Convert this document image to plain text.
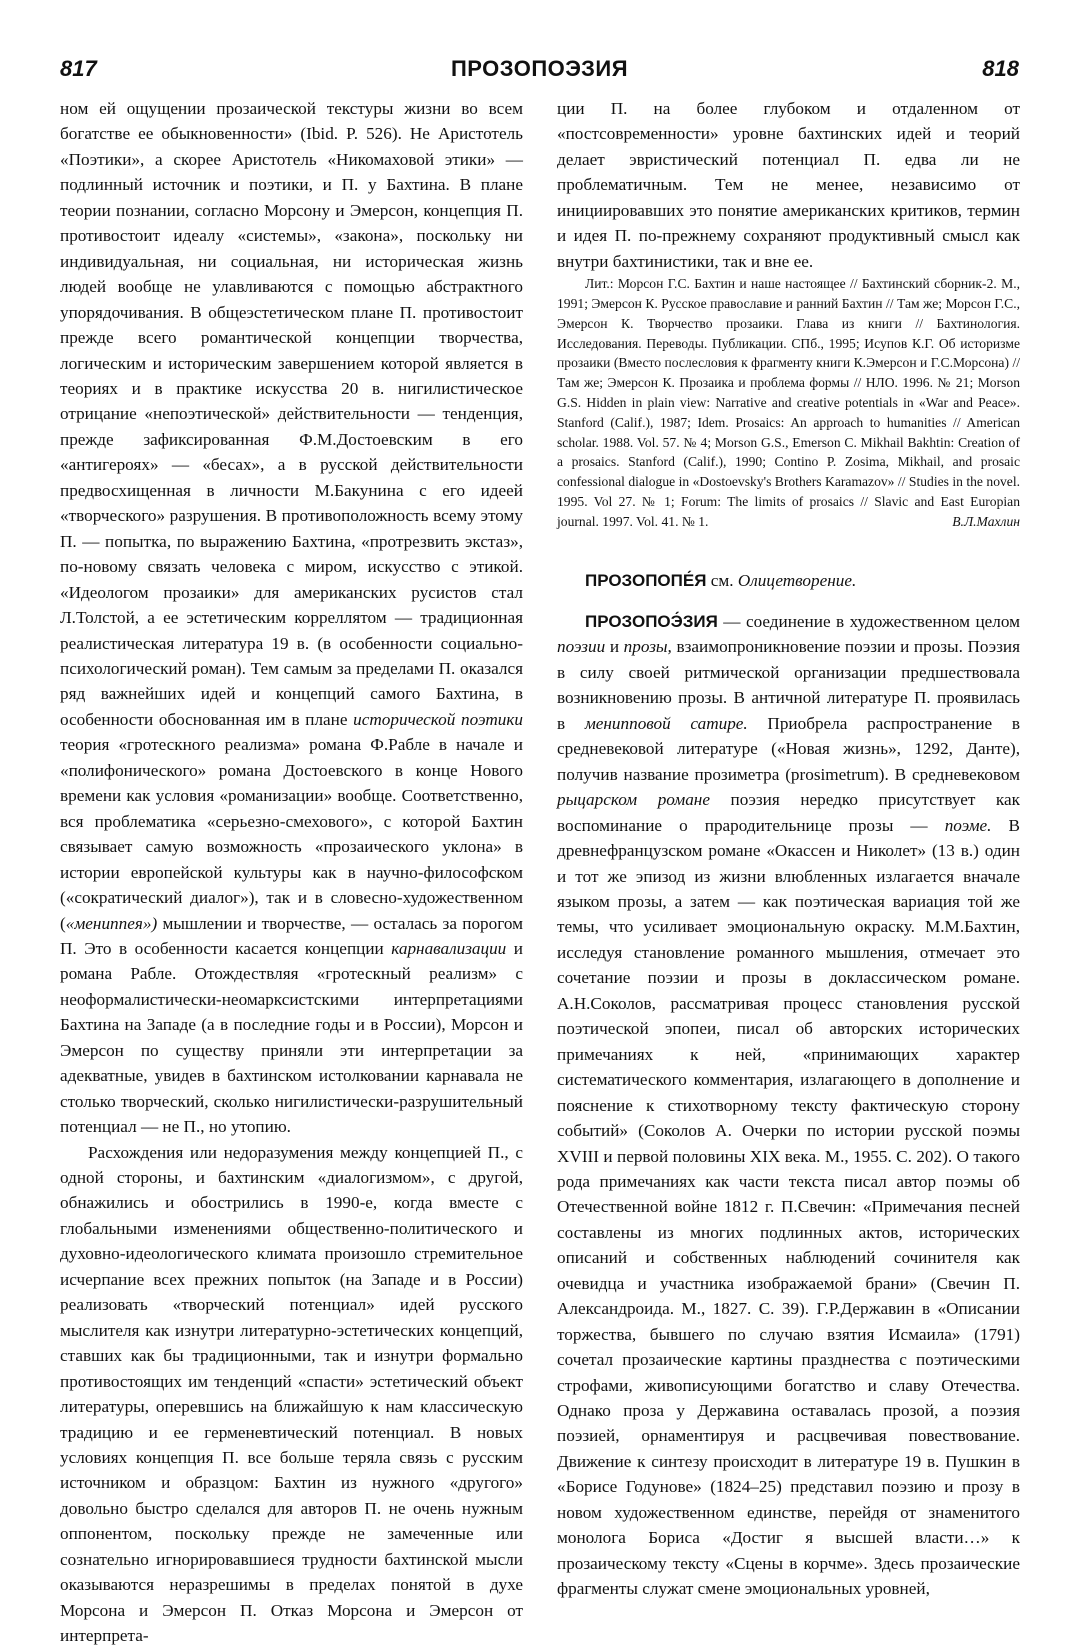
817	ПРОЗОПОЭЗИЯ	818

ном ей ощущении прозаической текстуры жизни во всем богатстве ее обыкновенности» (Ibid. P. 526). Не Аристотель «Поэтики», а скорее Аристотель «Никомаховой этики» — подлинный источник и поэтики, и П. у Бахтина. В плане теории познании, согласно Морсону и Эмерсон, концепция П. противостоит идеалу «системы», «закона», поскольку ни индивидуальная, ни социальная, ни историческая жизнь людей вообще не улавливаются с помощью абстрактного упорядочивания. В общеэстетическом плане П. противостоит прежде всего романтической концепции творчества, логическим и историческим завершением которой является в теориях и в практике искусства 20 в. нигилистическое отрицание «непоэтической» действительности — тенденция, прежде зафиксированная Ф.М.Достоевским в его «антигероях» — «бесах», а в русской действительности предвосхищенная в личности М.Бакунина с его идеей «творческого» разрушения. В противоположность всему этому П. — попытка, по выражению Бахтина, «протрезвить экстаз», по-новому связать человека с миром, искусство с этикой. «Идеологом прозаики» для американских русистов стал Л.Толстой, а ее эстетическим корреллятом — традиционная реалистическая литература 19 в. (в особенности социально-психологический роман). Тем самым за пределами П. оказался ряд важнейших идей и концепций самого Бахтина, в особенности обоснованная им в плане исторической поэтики теория «гротескного реализма» романа Ф.Рабле в начале и «полифонического» романа Достоевского в конце Нового времени как условия «романизации» вообще. Соответственно, вся проблематика «серьезно-смехового», с которой Бахтин связывает самую возможность «прозаического уклона» в истории европейской культуры как в научно-философском («сократический диалог»), так и в словесно-художественном («мениппея») мышлении и творчестве, — осталась за порогом П. Это в особенности касается концепции карнавализации и романа Рабле. Отождествляя «гротескный реализм» с неоформалистически-неомарксистскими интерпретациями Бахтина на Западе (а в последние годы и в России), Морсон и Эмерсон по существу приняли эти интерпретации за адекватные, увидев в бахтинском истолковании карнавала не столько творческий, сколько нигилистически-разрушительный потенциал — не П., но утопию.

Расхождения или недоразумения между концепцией П., с одной стороны, и бахтинским «диалогизмом», с другой, обнажились и обострились в 1990-е, когда вместе с глобальными изменениями общественно-политического и духовно-идеологического климата произошло стремительное исчерпание всех прежних попыток (на Западе и в России) реализовать «творческий потенциал» идей русского мыслителя как изнутри литературно-эстетических концепций, ставших как бы традиционными, так и изнутри формально противостоящих им тенденций «спасти» эстетический объект литературы, оперевшись на ближайшую к нам классическую традицию и ее герменевтический потенциал. В новых условиях концепция П. все больше теряла связь с русским источником и образцом: Бахтин из нужного «другого» довольно быстро сделался для авторов П. не очень нужным оппонентом, поскольку прежде не замеченные или сознательно игнорировавшиеся трудности бахтинской мысли оказываются неразрешимы в пределах понятой в духе Морсона и Эмерсон П. Отказ Морсона и Эмерсон от интерпрета-

ции П. на более глубоком и отдаленном от «постсовременности» уровне бахтинских идей и теорий делает эвристический потенциал П. едва ли не проблематичным. Тем не менее, независимо от инициировавших это понятие американских критиков, термин и идея П. по-прежнему сохраняют продуктивный смысл как внутри бахтинистики, так и вне ее.

Лит.: Морсон Г.С. Бахтин и наше настоящее // Бахтинский сборник-2. М., 1991; Эмерсон К. Русское православие и ранний Бахтин // Там же; Морсон Г.С., Эмерсон К. Творчество прозаики. Глава из книги // Бахтинология. Исследования. Переводы. Публикации. СПб., 1995; Исупов К.Г. Об историзме прозаики (Вместо послесловия к фрагменту книги К.Эмерсон и Г.С.Морсона) // Там же; Эмерсон К. Прозаика и проблема формы // НЛО. 1996. № 21; Morson G.S. Hidden in plain view: Narrative and creative potentials in «War and Peace». Stanford (Calif.), 1987; Idem. Prosaics: An approach to humanities // American scholar. 1988. Vol. 57. № 4; Morson G.S., Emerson C. Mikhail Bakhtin: Creation of a prosaics. Stanford (Calif.), 1990; Contino P. Zosima, Mikhail, and prosaic confessional dialogue in «Dostoevsky's Brothers Karamazov» // Studies in the novel. 1995. Vol 27. № 1; Forum: The limits of prosaics // Slavic and East Europian journal. 1997. Vol. 41. № 1.	В.Л.Махлин

ПРОЗОПОПЕ́Я см. Олицетворение.

ПРОЗОПОЭ́ЗИЯ — соединение в художественном целом поэзии и прозы, взаимопроникновение поэзии и прозы. Поэзия в силу своей ритмической организации предшествовала возникновению прозы. В античной литературе П. проявилась в менипповой сатире. Приобрела распространение в средневековой литературе («Новая жизнь», 1292, Данте), получив название прозиметра (prosimetrum). В средневековом рыцарском романе поэзия нередко присутствует как воспоминание о прародительнице прозы — поэме. В древнефранцузском романе «Окассен и Николет» (13 в.) один и тот же эпизод из жизни влюбленных излагается вначале языком прозы, а затем — как поэтическая вариация той же темы, что усиливает эмоциональную окраску. М.М.Бахтин, исследуя становление романного мышления, отмечает это сочетание поэзии и прозы в доклассическом романе. А.Н.Соколов, рассматривая процесс становления русской поэтической эпопеи, писал об авторских исторических примечаниях к ней, «принимающих характер систематического комментария, излагающего в дополнение и пояснение к стихотворному тексту фактическую сторону событий» (Соколов А. Очерки по истории русской поэмы XVIII и первой половины XIX века. М., 1955. С. 202). О такого рода примечаниях как части текста писал автор поэмы об Отечественной войне 1812 г. П.Свечин: «Примечания песней составлены из многих подлинных актов, исторических описаний и собственных наблюдений сочинителя как очевидца и участника изображаемой брани» (Свечин П. Александроида. М., 1827. С. 39). Г.Р.Державин в «Описании торжества, бывшего по случаю взятия Исмаила» (1791) сочетал прозаические картины празднества с поэтическими строфами, живописующими богатство и славу Отечества. Однако проза у Державина оставалась прозой, а поэзия поэзией, орнаментируя и расцвечивая повествование. Движение к синтезу происходит в литературе 19 в. Пушкин в «Борисе Годунове» (1824–25) представил поэзию и прозу в новом художественном единстве, перейдя от знаменитого монолога Бориса «Достиг я высшей власти…» к прозаическому тексту «Сцены в корчме». Здесь прозаические фрагменты служат смене эмоциональных уровней,
